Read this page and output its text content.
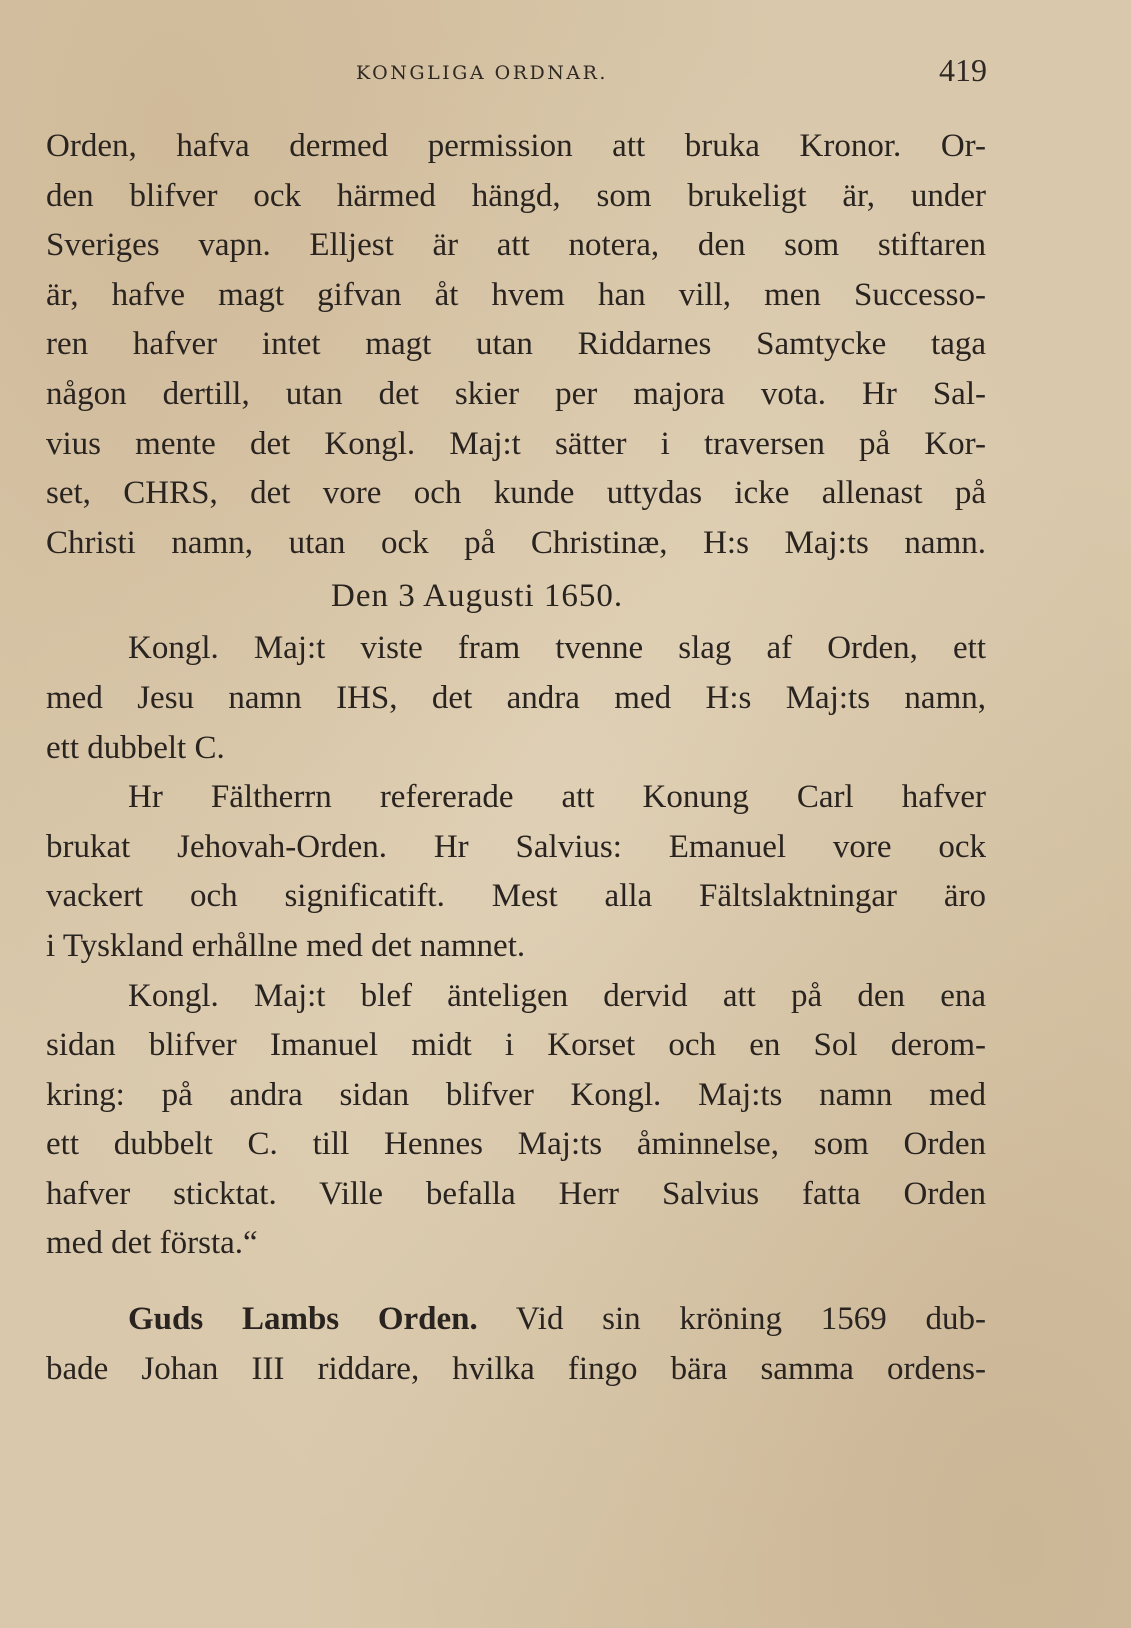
KONGLIGA ORDNAR.	419
Orden, hafva dermed permission att bruka Kronor. Or-
den blifver ock härmed hängd, som brukeligt är, under
Sveriges vapn. Elljest är att notera, den som stiftaren
är, hafve magt gifvan åt hvem han vill, men Successo-
ren hafver intet magt utan Riddarnes Samtycke taga
någon dertill, utan det skier per majora vota. Hr Sal-
vius mente det Kongl. Maj:t sätter i traversen på Kor-
set, CHRS, det vore och kunde uttydas icke allenast på
Christi namn, utan ock på Christinæ, H:s Maj:ts namn.
Den 3 Augusti 1650.
Kongl. Maj:t viste fram tvenne slag af Orden, ett
med Jesu namn IHS, det andra med H:s Maj:ts namn,
ett dubbelt C.
Hr Fältherrn refererade att Konung Carl hafver
brukat Jehovah-Orden. Hr Salvius: Emanuel vore ock
vackert och significatift. Mest alla Fältslaktningar äro
i Tyskland erhållne med det namnet.
Kongl. Maj:t blef änteligen dervid att på den ena
sidan blifver Imanuel midt i Korset och en Sol derom-
kring: på andra sidan blifver Kongl. Maj:ts namn med
ett dubbelt C. till Hennes Maj:ts åminnelse, som Orden
hafver sticktat. Ville befalla Herr Salvius fatta Orden
med det första.“
Guds Lambs Orden. Vid sin kröning 1569 dub-
bade Johan III riddare, hvilka fingo bära samma ordens-
